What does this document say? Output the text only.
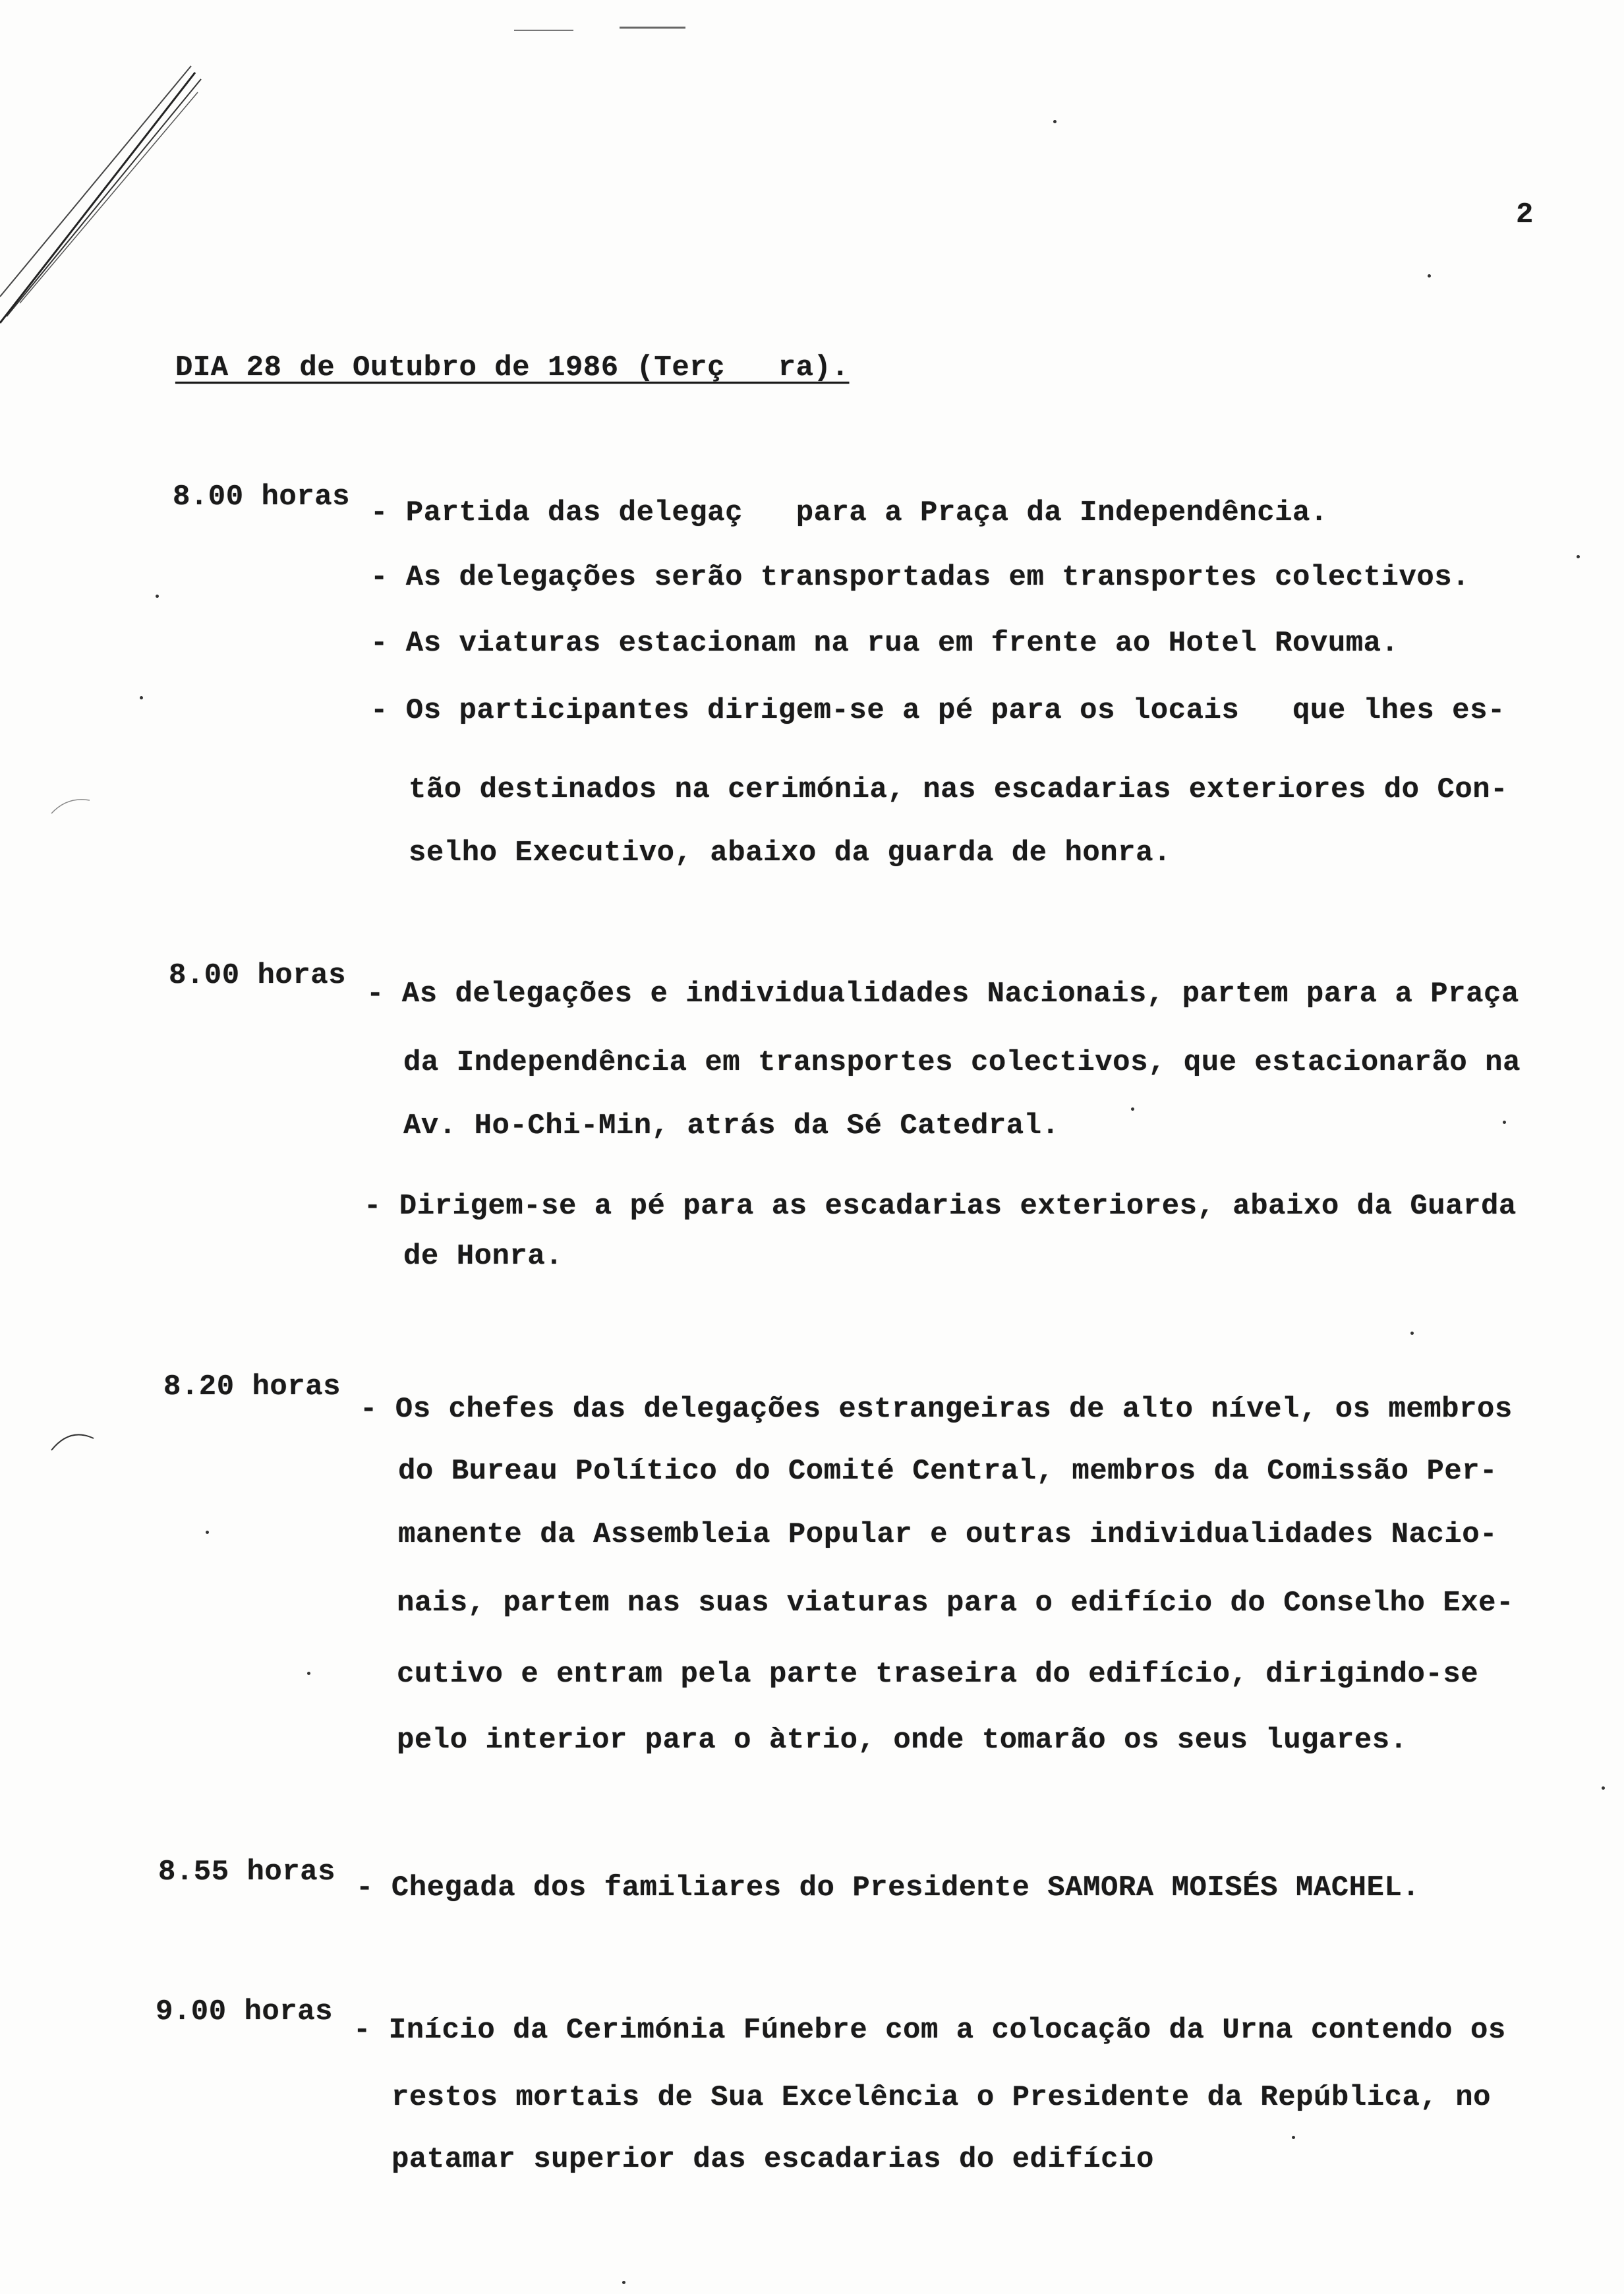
2
DIA 28 de Outubro de 1986 (Terç   ra).
8.00 horas - Partida das delegaç   para a Praça da Independência.
- As delegações serão transportadas em transportes colectivos.
- As viaturas estacionam na rua em frente ao Hotel Rovuma.
- Os participantes dirigem-se a pé para os locais   que lhes es-
tão destinados na cerimónia, nas escadarias exteriores do Con-
selho Executivo, abaixo da guarda de honra.
8.00 horas
- As delegações e individualidades Nacionais, partem para a Praça
da Independência em transportes colectivos, que estacionarão na
Av. Ho-Chi-Min, atrás da Sé Catedral.
- Dirigem-se a pé para as escadarias exteriores, abaixo da Guarda
de Honra.
8.20 horas
- Os chefes das delegações estrangeiras de alto nível, os membros
do Bureau Político do Comité Central, membros da Comissão Per-
manente da Assembleia Popular e outras individualidades Nacio-
nais, partem nas suas viaturas para o edifício do Conselho Exe-
cutivo e entram pela parte traseira do edifício, dirigindo-se
pelo interior para o àtrio, onde tomarão os seus lugares.
8.55 horas - Chegada dos familiares do Presidente SAMORA MOISÉS MACHEL.
9.00 horas
- Início da Cerimónia Fúnebre com a colocação da Urna contendo os
restos mortais de Sua Excelência o Presidente da República, no
patamar superior das escadarias do edifício
